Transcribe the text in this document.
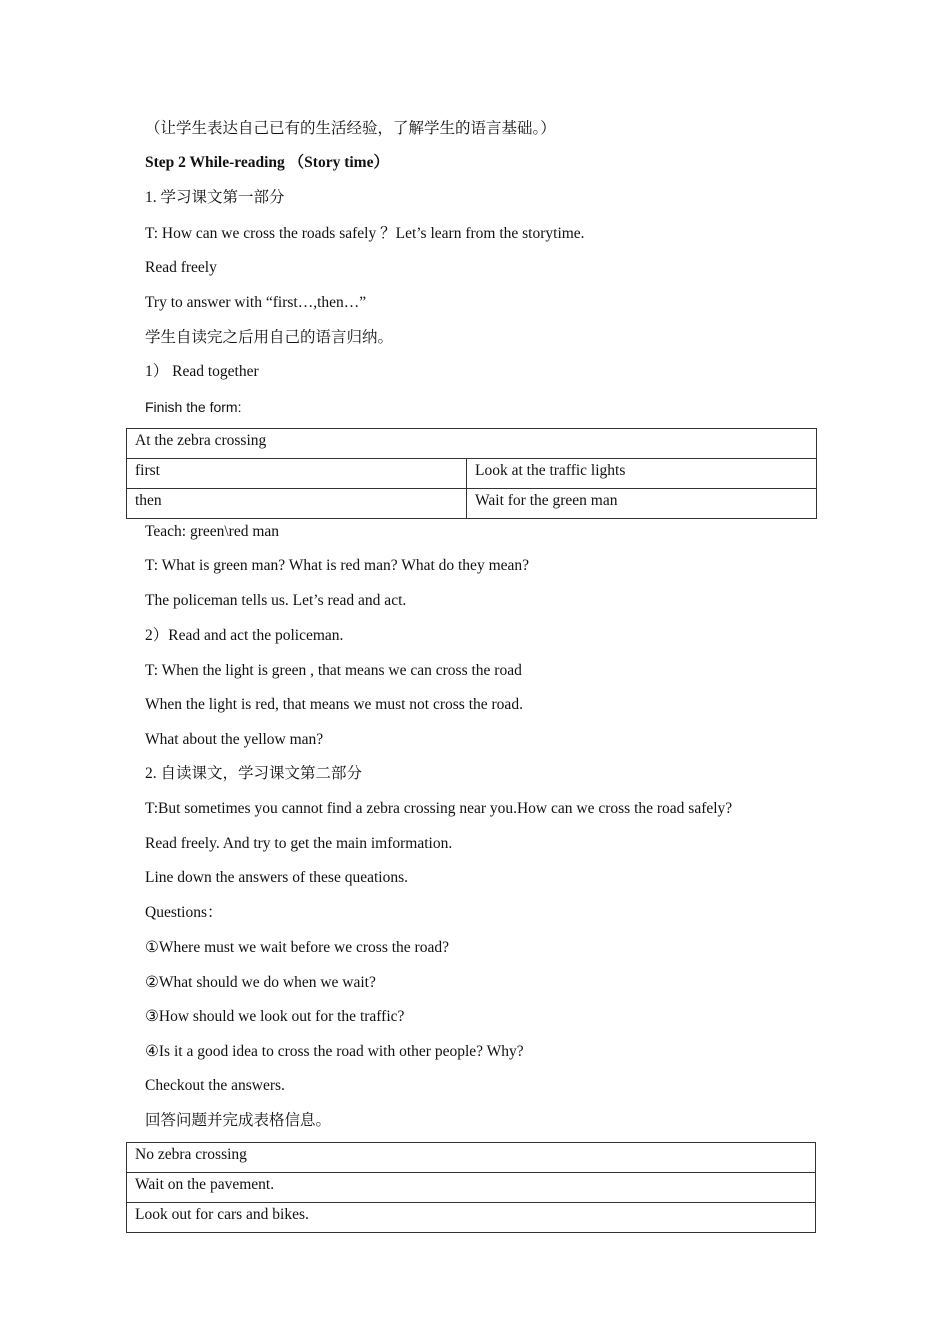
（让学生表达自己已有的生活经验，了解学生的语言基础。）
Step 2 While-reading （Story time）
1. 学习课文第一部分
T: How can we cross the roads safely ？Let’s learn from the storytime.
Read freely
Try to answer with “first…,then…”
学生自读完之后用自己的语言归纳。
1） Read together
Finish the form:
At the zebra crossing	
first	Look at the traffic lights
then	Wait for the green man
Teach: green\red man
T: What is green man? What is red man? What do they mean?
The policeman tells us. Let’s read and act.
2）Read and act the policeman.
T: When the light is green , that means we can cross the road
When the light is red, that means we must not cross the road.
What about the yellow man?
2. 自读课文，学习课文第二部分
T:But sometimes you cannot find a zebra crossing near you.How can we cross the road safely?
Read freely. And try to get the main imformation.
Line down the answers of these queations.
Questions：
①Where must we wait before we cross the road?
②What should we do when we wait?
③How should we look out for the traffic?
④Is it a good idea to cross the road with other people? Why?
Checkout the answers.
回答问题并完成表格信息。
No zebra crossing
Wait on the pavement.
Look out for cars and bikes.
